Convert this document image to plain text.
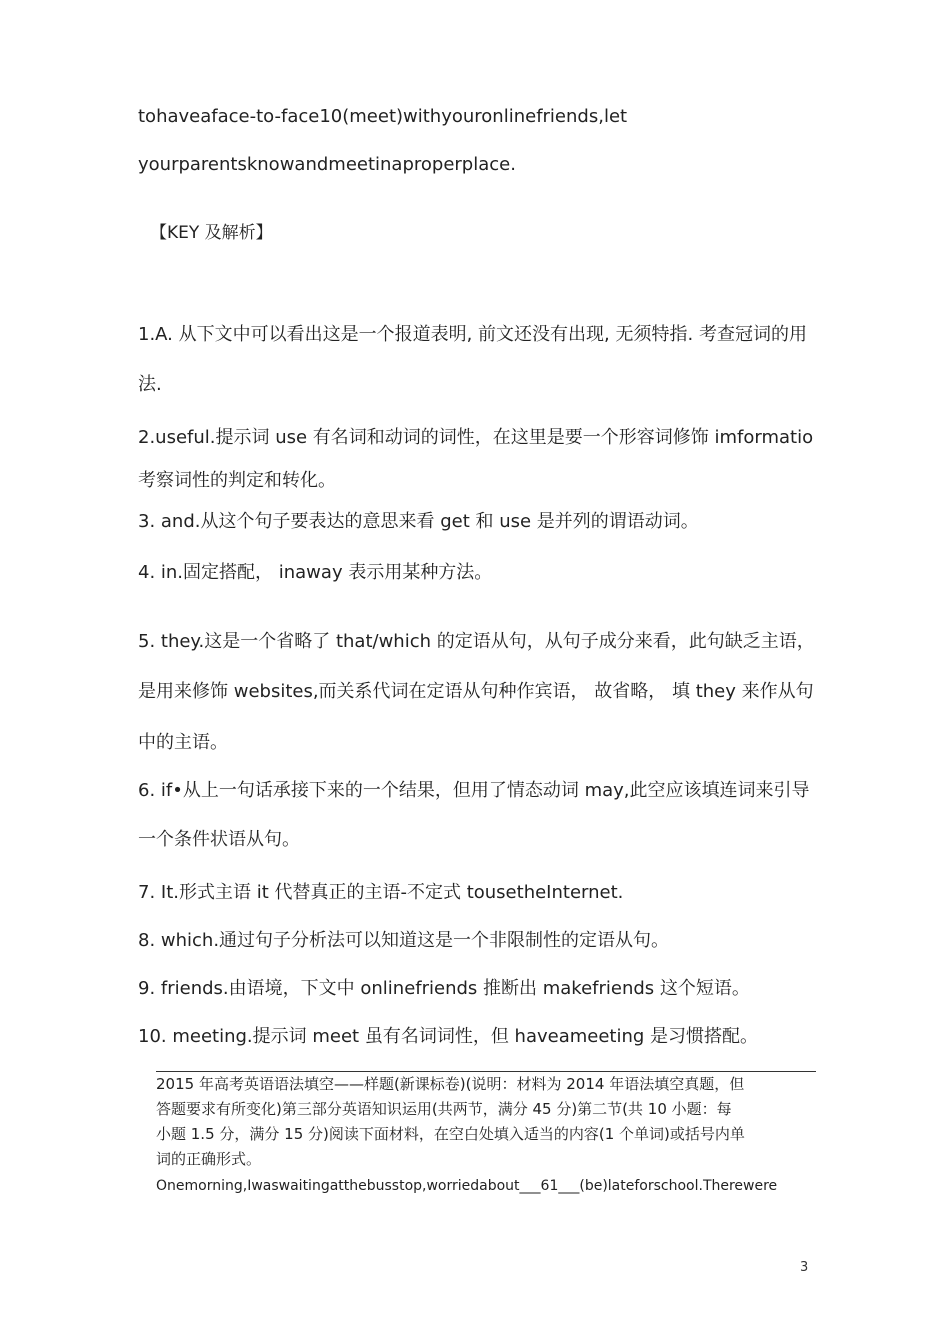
tohaveaface-to-face10(meet)withyouronlinefriends,let
yourparentsknowandmeetinaproperplace.
【KEY 及解析】
1.A. 从下文中可以看出这是一个报道表明, 前文还没有出现, 无须特指. 考查冠词的用
法.
2.useful.提示词 use 有名词和动词的词性，在这里是要一个形容词修饰 imformatio
考察词性的判定和转化。
3. and.从这个句子要表达的意思来看 get 和 use 是并列的谓语动词。
4. in.固定搭配， inaway 表示用某种方法。
5. they.这是一个省略了 that/which 的定语从句，从句子成分来看，此句缺乏主语，
是用来修饰 websites,而关系代词在定语从句种作宾语， 故省略， 填 they 来作从句
中的主语。
6. if•从上一句话承接下来的一个结果，但用了情态动词 may,此空应该填连词来引导
一个条件状语从句。
7. It.形式主语 it 代替真正的主语-不定式 tousetheInternet.
8. which.通过句子分析法可以知道这是一个非限制性的定语从句。
9. friends.由语境，下文中 onlinefriends 推断出 makefriends 这个短语。
10. meeting.提示词 meet 虽有名词词性，但 haveameeting 是习惯搭配。
2015 年高考英语语法填空——样题(新课标卷)(说明：材料为 2014 年语法填空真题，但
答题要求有所变化)第三部分英语知识运用(共两节，满分 45 分)第二节(共 10 小题：每
小题 1.5 分，满分 15 分)阅读下面材料，在空白处填入适当的内容(1 个单词)或括号内单
词的正确形式。
Onemorning,Iwaswaitingatthebusstop,worriedabout___61___(be)lateforschool.Therewere
3
